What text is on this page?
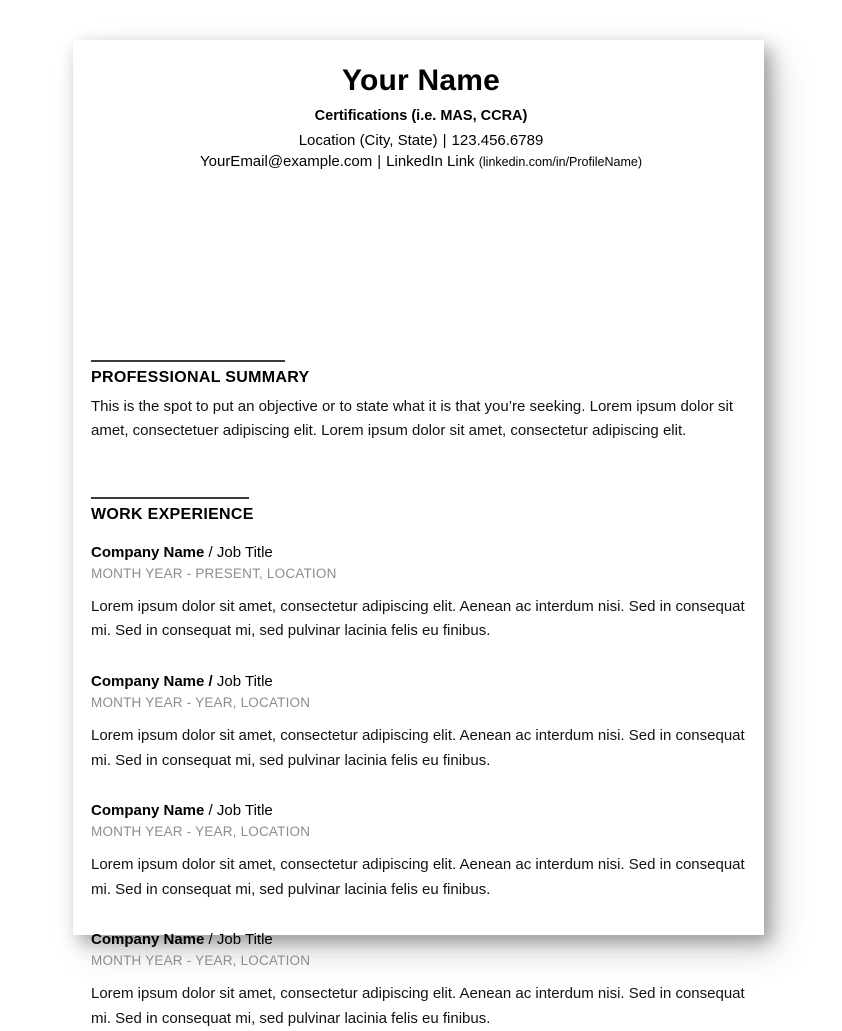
Your Name
Certifications (i.e. MAS, CCRA)
Location (City, State) | 123.456.6789
YourEmail@example.com | LinkedIn Link (linkedin.com/in/ProfileName)
PROFESSIONAL SUMMARY

This is the spot to put an objective or to state what it is that you’re seeking. Lorem ipsum dolor sit amet, consectetuer adipiscing elit. Lorem ipsum dolor sit amet, consectetur adipiscing elit.

WORK EXPERIENCE
Company Name / Job Title
MONTH YEAR - PRESENT, LOCATION

Lorem ipsum dolor sit amet, consectetur adipiscing elit. Aenean ac interdum nisi. Sed in consequat mi. Sed in consequat mi, sed pulvinar lacinia felis eu finibus.

Company Name / Job Title
MONTH YEAR - YEAR, LOCATION

Lorem ipsum dolor sit amet, consectetur adipiscing elit. Aenean ac interdum nisi. Sed in consequat mi. Sed in consequat mi, sed pulvinar lacinia felis eu finibus.

Company Name / Job Title
MONTH YEAR - YEAR, LOCATION

Lorem ipsum dolor sit amet, consectetur adipiscing elit. Aenean ac interdum nisi. Sed in consequat mi. Sed in consequat mi, sed pulvinar lacinia felis eu finibus.

Company Name / Job Title
MONTH YEAR - YEAR, LOCATION

Lorem ipsum dolor sit amet, consectetur adipiscing elit. Aenean ac interdum nisi. Sed in consequat mi. Sed in consequat mi, sed pulvinar lacinia felis eu finibus.
